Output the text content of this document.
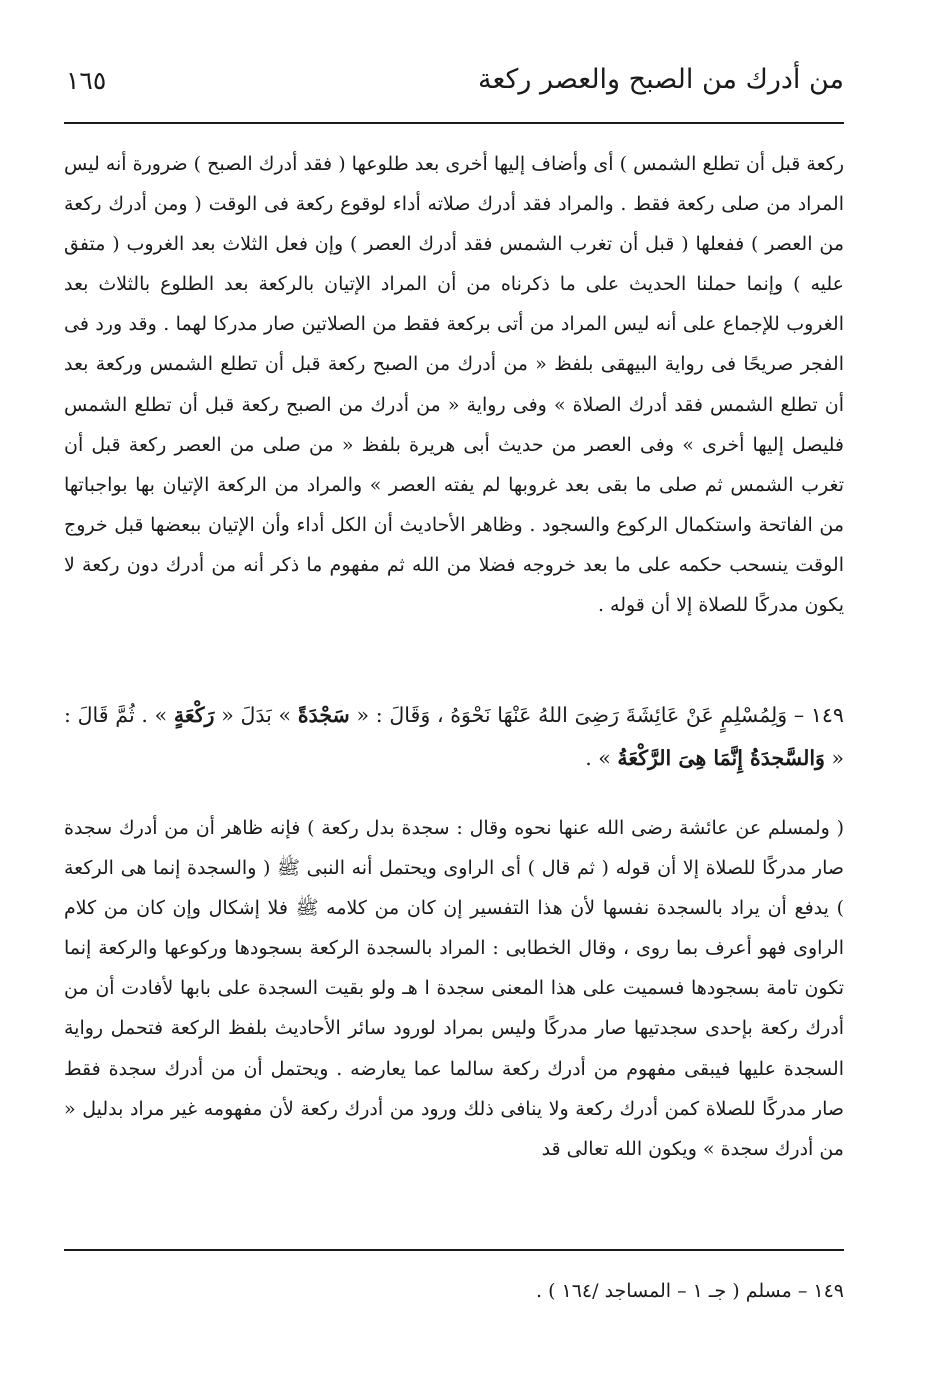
من أدرك من الصبح والعصر ركعة
١٦٥

ركعة قبل أن تطلع الشمس ) أى وأضاف إليها أخرى بعد طلوعها ( فقد أدرك الصبح ) ضرورة أنه ليس المراد من صلى ركعة فقط . والمراد فقد أدرك صلاته أداء لوقوع ركعة فى الوقت ( ومن أدرك ركعة من العصر ) ففعلها ( قبل أن تغرب الشمس فقد أدرك العصر ) وإن فعل الثلاث بعد الغروب ( متفق عليه ) وإنما حملنا الحديث على ما ذكرناه من أن المراد الإتيان بالركعة بعد الطلوع بالثلاث بعد الغروب للإجماع على أنه ليس المراد من أتى بركعة فقط من الصلاتين صار مدركا لهما . وقد ورد فى الفجر صريحًا فى رواية البيهقى بلفظ « من أدرك من الصبح ركعة قبل أن تطلع الشمس وركعة بعد أن تطلع الشمس فقد أدرك الصلاة » وفى رواية « من أدرك من الصبح ركعة قبل أن تطلع الشمس فليصل إليها أخرى » وفى العصر من حديث أبى هريرة بلفظ « من صلى من العصر ركعة قبل أن تغرب الشمس ثم صلى ما بقى بعد غروبها لم يفته العصر » والمراد من الركعة الإتيان بها بواجباتها من الفاتحة واستكمال الركوع والسجود . وظاهر الأحاديث أن الكل أداء وأن الإتيان ببعضها قبل خروج الوقت ينسحب حكمه على ما بعد خروجه فضلا من الله ثم مفهوم ما ذكر أنه من أدرك دون ركعة لا يكون مدركًا للصلاة إلا أن قوله .

١٤٩ – وَلِمُسْلِمٍ عَنْ عَائِشَةَ رَضِىَ اللهُ عَنْهَا نَحْوَهُ ، وَقَالَ : « سَجْدَةً » بَدَلَ « رَكْعَةٍ » . ثُمَّ قَالَ : « وَالسَّجدَةُ إِنَّمَا هِىَ الرَّكْعَةُ » .

( ولمسلم عن عائشة رضى الله عنها نحوه وقال : سجدة بدل ركعة ) فإنه ظاهر أن من أدرك سجدة صار مدركًا للصلاة إلا أن قوله ( ثم قال ) أى الراوى ويحتمل أنه النبى ﷺ ( والسجدة إنما هى الركعة ) يدفع أن يراد بالسجدة نفسها لأن هذا التفسير إن كان من كلامه ﷺ فلا إشكال وإن كان من كلام الراوى فهو أعرف بما روى ، وقال الخطابى : المراد بالسجدة الركعة بسجودها وركوعها والركعة إنما تكون تامة بسجودها فسميت على هذا المعنى سجدة ا هـ ولو بقيت السجدة على بابها لأفادت أن من أدرك ركعة بإحدى سجدتيها صار مدركًا وليس بمراد لورود سائر الأحاديث بلفظ الركعة فتحمل رواية السجدة عليها فيبقى مفهوم من أدرك ركعة سالما عما يعارضه . ويحتمل أن من أدرك سجدة فقط صار مدركًا للصلاة كمن أدرك ركعة ولا ينافى ذلك ورود من أدرك ركعة لأن مفهومه غير مراد بدليل « من أدرك سجدة » ويكون الله تعالى قد

١٤٩ – مسلم ( جـ ١ – المساجد /١٦٤ ) .
